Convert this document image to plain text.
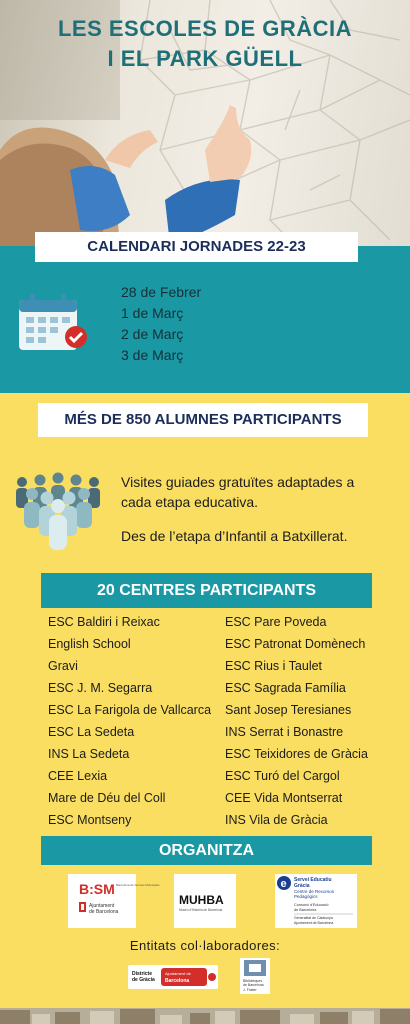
LES ESCOLES DE GRÀCIA
I EL PARK GÜELL
CALENDARI JORNADES 22-23
28 de Febrer
1 de Març
2 de Març
3 de Març
MÉS DE 850 ALUMNES PARTICIPANTS
Visites guiades gratuïtes adaptades a cada etapa educativa.
Des de l’etapa d’Infantil a Batxillerat.
20 CENTRES PARTICIPANTS
ESC Baldiri i Reixac
English School
Gravi
ESC J. M. Segarra
ESC La Farigola de Vallcarca
ESC La Sedeta
INS La Sedeta
CEE Lexia
Mare de Déu del Coll
ESC Montseny
ESC Pare Poveda
ESC Patronat Domènech
ESC Rius i Taulet
ESC Sagrada Família
Sant Josep Teresianes
INS Serrat i Bonastre
ESC Teixidores de Gràcia
ESC Turó del Cargol
CEE Vida Montserrat
INS Vila de Gràcia
ORGANITZA
B:SM Barcelona de Serveis Municipals
Ajuntament
de Barcelona
MUHBA
Museu d'Història de Barcelona
e Servei Educatiu
Gràcia
Centre de Recursos
Pedagògics
Consorci d'Educació
de Barcelona
Generalitat de Catalunya
Ajuntament de Barcelona
Entitats col·laboradores:
Districte
de Gràcia
Ajuntament de
Barcelona	Biblioteques
de Barcelona
J. Fuster
